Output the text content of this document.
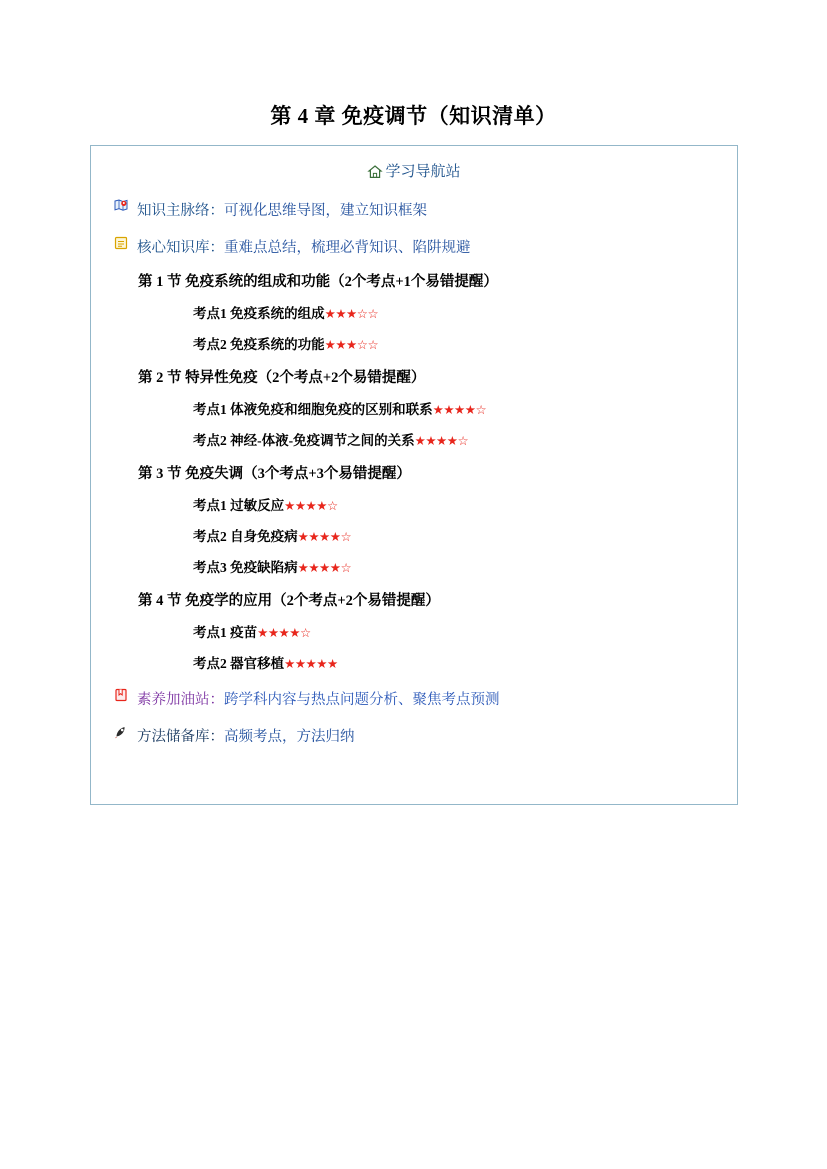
第 4 章 免疫调节（知识清单）
学习导航站
知识主脉络：可视化思维导图，建立知识框架
核心知识库：重难点总结，梳理必背知识、陷阱规避
第 1 节 免疫系统的组成和功能（2个考点+1个易错提醒）
考点1 免疫系统的组成★★★☆☆
考点2 免疫系统的功能★★★☆☆
第 2 节 特异性免疫（2个考点+2个易错提醒）
考点1 体液免疫和细胞免疫的区别和联系★★★★☆
考点2 神经-体液-免疫调节之间的关系★★★★☆
第 3 节 免疫失调（3个考点+3个易错提醒）
考点1 过敏反应★★★★☆
考点2 自身免疫病★★★★☆
考点3 免疫缺陷病★★★★☆
第 4 节 免疫学的应用（2个考点+2个易错提醒）
考点1 疫苗★★★★☆
考点2 器官移植★★★★★
素养加油站：跨学科内容与热点问题分析、聚焦考点预测
方法储备库：高频考点，方法归纳
